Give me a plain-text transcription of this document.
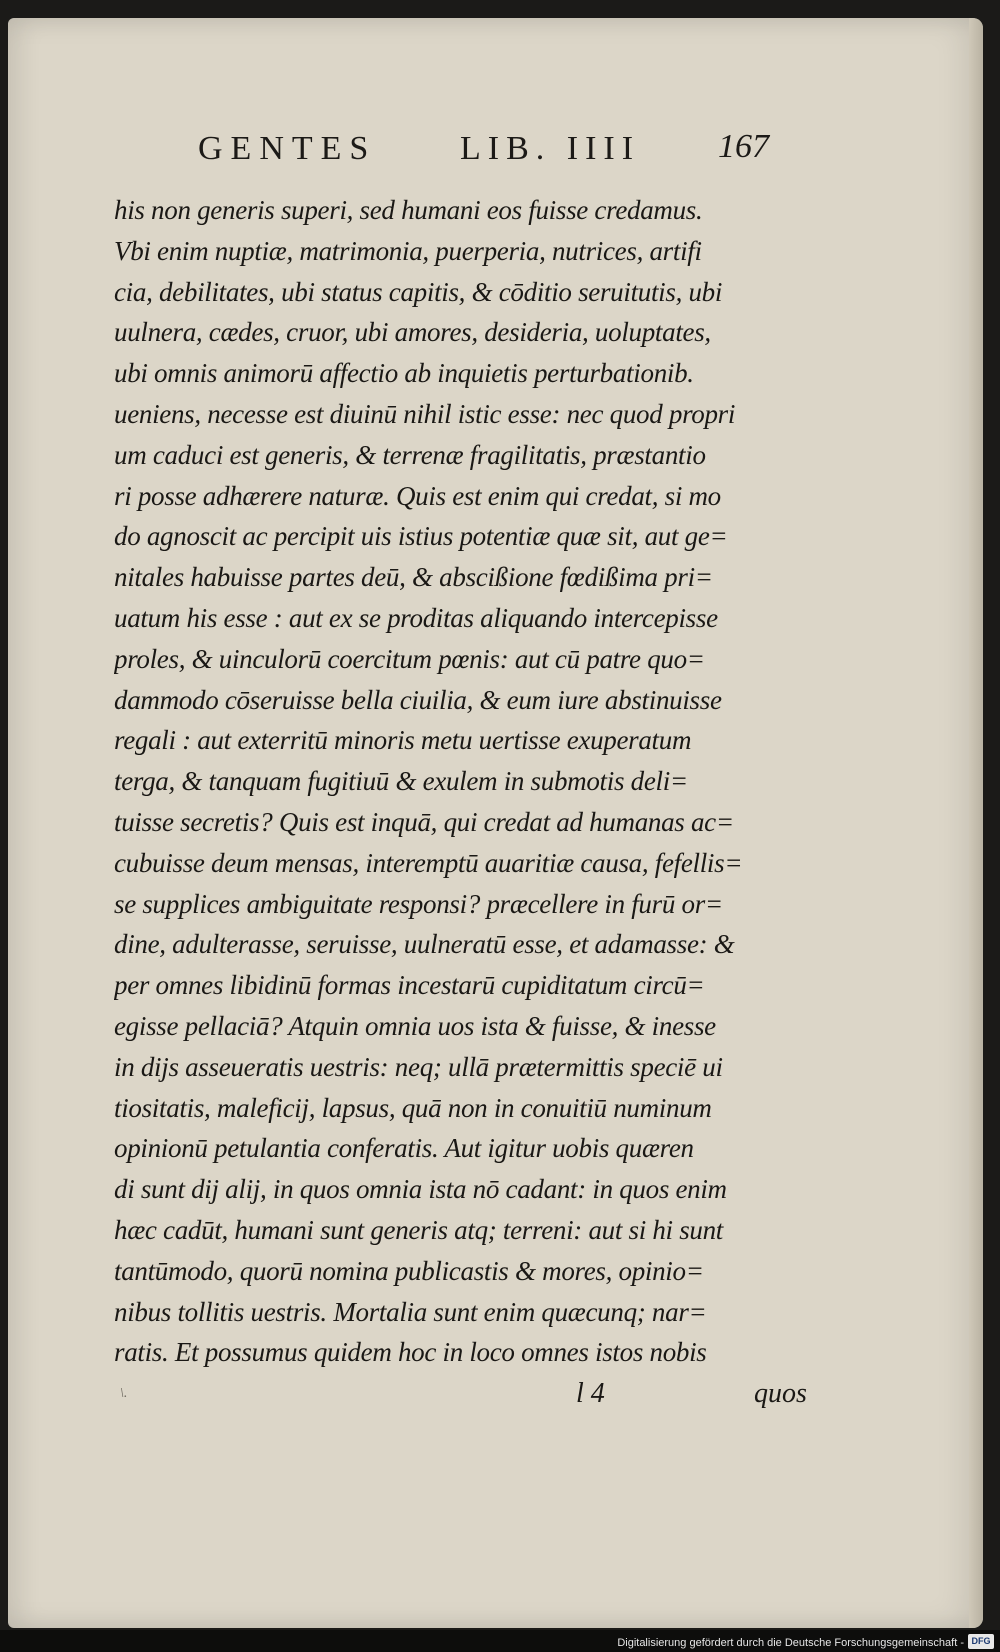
GENTES LIB. IIII 167
his non generis superi, sed humani eos fuisse credamus.
Vbi enim nuptiæ, matrimonia, puerperia, nutrices, artifi
cia, debilitates, ubi status capitis, & cōditio seruitutis, ubi
uulnera, cædes, cruor, ubi amores, desideria, uoluptates,
ubi omnis animorū affectio ab inquietis perturbationib.
ueniens, necesse est diuinū nihil istic esse: nec quod propri
um caduci est generis, & terrenæ fragilitatis, præstantio
ri posse adhærere naturæ. Quis est enim qui credat, si mo
do agnoscit ac percipit uis istius potentiæ quæ sit, aut ge=
nitales habuisse partes deū, & abscißione fœdißima pri=
uatum his esse : aut ex se proditas aliquando intercepisse
proles, & uinculorū coercitum pœnis: aut cū patre quo=
dammodo cōseruisse bella ciuilia, & eum iure abstinuisse
regali : aut exterritū minoris metu uertisse exuperatum
terga, & tanquam fugitiuū & exulem in submotis deli=
tuisse secretis? Quis est inquā, qui credat ad humanas ac=
cubuisse deum mensas, interemptū auaritiæ causa, fefellis=
se supplices ambiguitate responsi? præcellere in furū or=
dine, adulterasse, seruisse, uulneratū esse, et adamasse: &
per omnes libidinū formas incestarū cupiditatum circū=
egisse pellaciā? Atquin omnia uos ista & fuisse, & inesse
in dijs asseueratis uestris: neq; ullā prætermittis speciē ui
tiositatis, maleficij, lapsus, quā non in conuitiū numinum
opinionū petulantia conferatis. Aut igitur uobis quæren
di sunt dij alij, in quos omnia ista nō cadant: in quos enim
hæc cadūt, humani sunt generis atq; terreni: aut si hi sunt
tantūmodo, quorū nomina publicastis & mores, opinio=
nibus tollitis uestris. Mortalia sunt enim quæcunq; nar=
ratis. Et possumus quidem hoc in loco omnes istos nobis
\.	l 4	quos
Digitalisierung gefördert durch die Deutsche Forschungsgemeinschaft - DFG
